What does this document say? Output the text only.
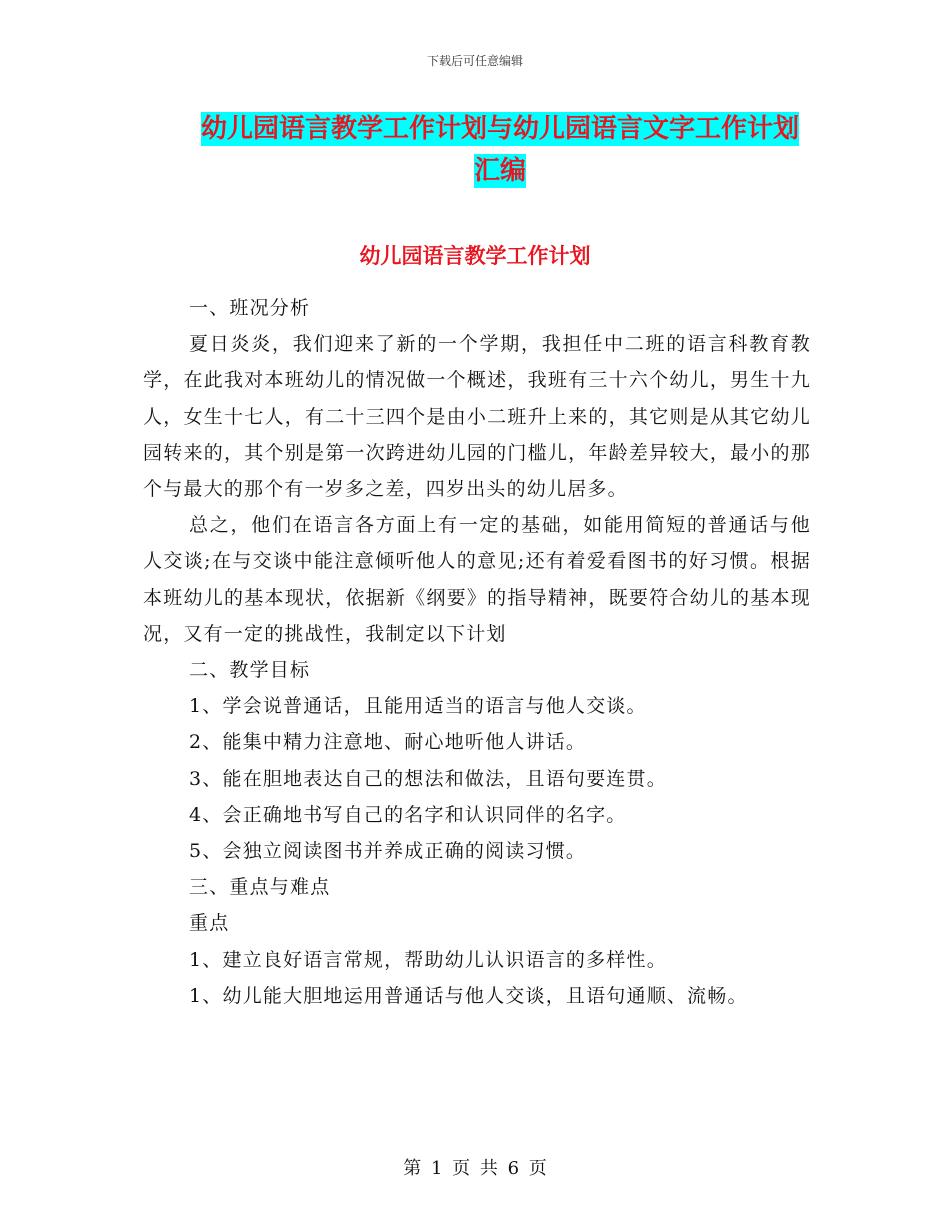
下载后可任意编辑
幼儿园语言教学工作计划与幼儿园语言文字工作计划
汇编
幼儿园语言教学工作计划

一、班况分析

夏日炎炎，我们迎来了新的一个学期，我担任中二班的语言科教育教学，在此我对本班幼儿的情况做一个概述，我班有三十六个幼儿，男生十九人，女生十七人，有二十三四个是由小二班升上来的，其它则是从其它幼儿园转来的，其个别是第一次跨进幼儿园的门槛儿，年龄差异较大，最小的那个与最大的那个有一岁多之差，四岁出头的幼儿居多。

总之，他们在语言各方面上有一定的基础，如能用简短的普通话与他人交谈;在与交谈中能注意倾听他人的意见;还有着爱看图书的好习惯。根据本班幼儿的基本现状，依据新《纲要》的指导精神，既要符合幼儿的基本现况，又有一定的挑战性，我制定以下计划

二、教学目标

1、学会说普通话，且能用适当的语言与他人交谈。

2、能集中精力注意地、耐心地听他人讲话。

3、能在胆地表达自己的想法和做法，且语句要连贯。

4、会正确地书写自己的名字和认识同伴的名字。

5、会独立阅读图书并养成正确的阅读习惯。

三、重点与难点

重点

1、建立良好语言常规，帮助幼儿认识语言的多样性。

1、幼儿能大胆地运用普通话与他人交谈，且语句通顺、流畅。

第 1 页 共 6 页
